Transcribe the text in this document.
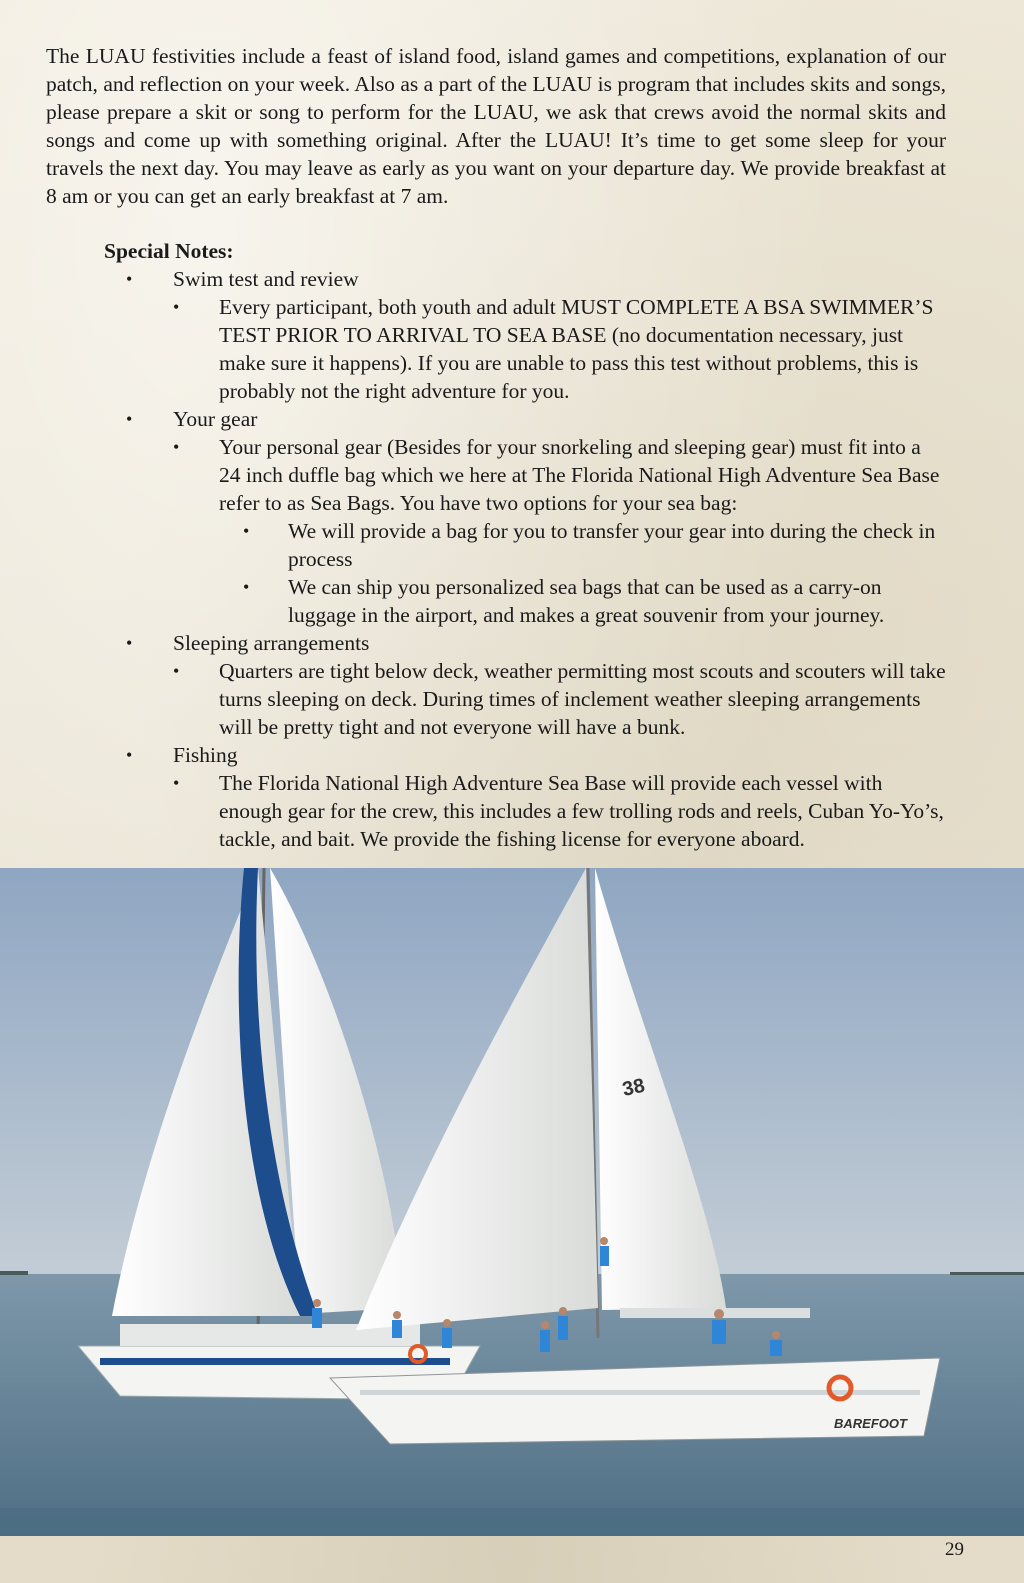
The LUAU festivities include a feast of island food, island games and competitions, explanation of our patch, and reflection on your week. Also as a part of the LUAU is program that includes skits and songs, please prepare a skit or song to perform for the LUAU, we ask that crews avoid the normal skits and songs and come up with something original. After the LUAU! It’s time to get some sleep for your travels the next day. You may leave as early as you want on your departure day. We provide breakfast at 8 am or you can get an early breakfast at 7 am.

Special Notes:

• Swim test and review
• Every participant, both youth and adult MUST COMPLETE A BSA SWIMMER’S TEST PRIOR TO ARRIVAL TO SEA BASE (no documentation necessary, just make sure it happens). If you are unable to pass this test without problems, this is probably not the right adventure for you.
• Your gear
• Your personal gear (Besides for your snorkeling and sleeping gear) must fit into a 24 inch duffle bag which we here at The Florida National High Adventure Sea Base refer to as Sea Bags. You have two options for your sea bag:
• We will provide a bag for you to transfer your gear into during the check in process
• We can ship you personalized sea bags that can be used as a carry-on luggage in the airport, and makes a great souvenir from your journey.
• Sleeping arrangements
• Quarters are tight below deck, weather permitting most scouts and scouters will take turns sleeping on deck. During times of inclement weather sleeping arrangements will be pretty tight and not everyone will have a bunk.
• Fishing
• The Florida National High Adventure Sea Base will provide each vessel with enough gear for the crew, this includes a few trolling rods and reels, Cuban Yo-Yo’s, tackle, and bait. We provide the fishing license for everyone aboard.
38
BAREFOOT
29
